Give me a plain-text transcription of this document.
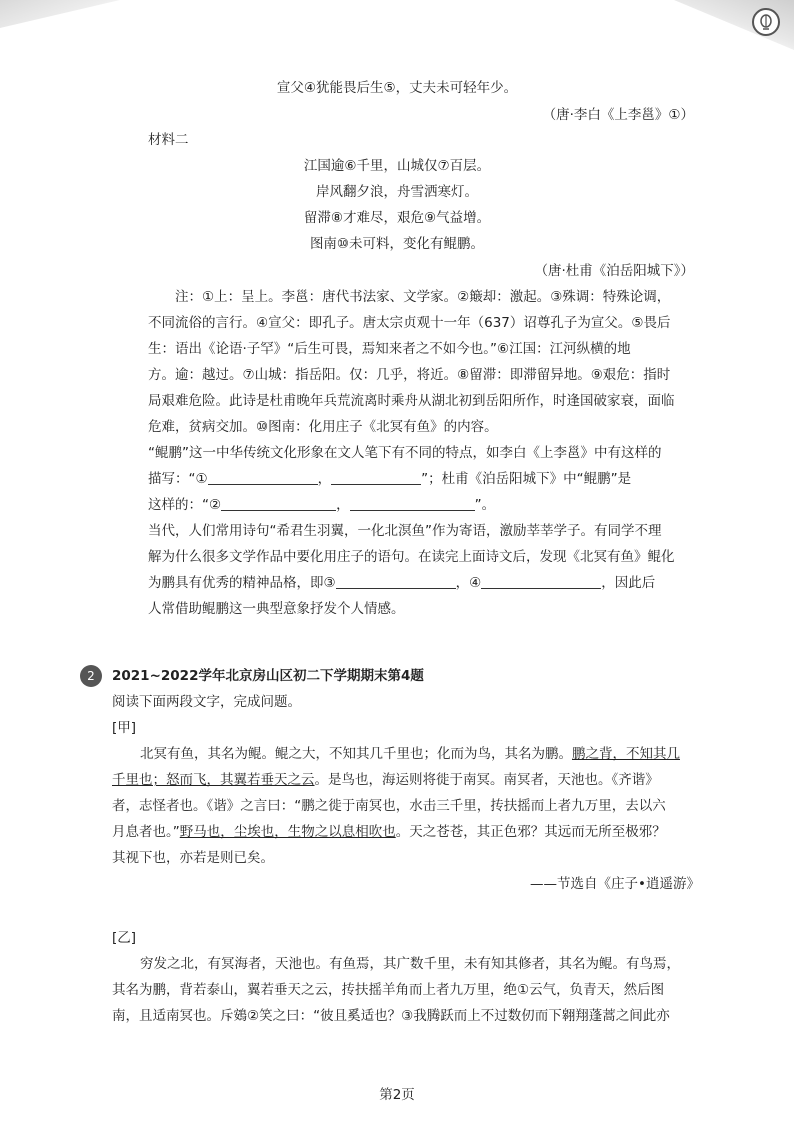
宣父④犹能畏后生⑤，丈夫未可轻年少。
（唐·李白《上李邕》①）
材料二
江国逾⑥千里，山城仅⑦百层。
岸风翻夕浪，舟雪洒寒灯。
留滞⑧才难尽，艰危⑨气益增。
图南⑩未可料，变化有鲲鹏。
（唐·杜甫《泊岳阳城下》）
注：①上：呈上。李邕：唐代书法家、文学家。②簸却：激起。③殊调：特殊论调，
不同流俗的言行。④宣父：即孔子。唐太宗贞观十一年（637）诏尊孔子为宣父。⑤畏后
生：语出《论语·子罕》“后生可畏，焉知来者之不如今也。”⑥江国：江河纵横的地
方。逾：越过。⑦山城：指岳阳。仅：几乎，将近。⑧留滞：即滞留异地。⑨艰危：指时
局艰难危险。此诗是杜甫晚年兵荒流离时乘舟从湖北初到岳阳所作，时逢国破家衰，面临
危难，贫病交加。⑩图南：化用庄子《北冥有鱼》的内容。
“鲲鹏”这一中华传统文化形象在文人笔下有不同的特点，如李白《上李邕》中有这样的
描写：“①	，	”；杜甫《泊岳阳城下》中“鲲鹏”是
这样的：“②	，	”。
当代，人们常用诗句“希君生羽翼，一化北溟鱼”作为寄语，激励莘莘学子。有同学不理
解为什么很多文学作品中要化用庄子的语句。在读完上面诗文后，发现《北冥有鱼》鲲化
为鹏具有优秀的精神品格，即③	，④	，因此后
人常借助鲲鹏这一典型意象抒发个人情感。
2	2021~2022学年北京房山区初二下学期期末第4题
阅读下面两段文字，完成问题。
[甲]
北冥有鱼，其名为鲲。鲲之大，不知其几千里也；化而为鸟，其名为鹏。鹏之背，不知其几
千里也；怒而飞，其翼若垂天之云。是鸟也，海运则将徙于南冥。南冥者，天池也。《齐谐》
者，志怪者也。《谐》之言曰：“鹏之徙于南冥也，水击三千里，抟扶摇而上者九万里，去以六
月息者也。”野马也，尘埃也，生物之以息相吹也。天之苍苍，其正色邪？其远而无所至极邪？
其视下也，亦若是则已矣。
——节选自《庄子•逍遥游》
[乙]
穷发之北，有冥海者，天池也。有鱼焉，其广数千里，未有知其修者，其名为鲲。有鸟焉，
其名为鹏，背若泰山，翼若垂天之云，抟扶摇羊角而上者九万里，绝①云气，负青天，然后图
南，且适南冥也。斥鴳②笑之曰：“彼且奚适也？③我腾跃而上不过数仞而下翱翔蓬蒿之间此亦
第2页
